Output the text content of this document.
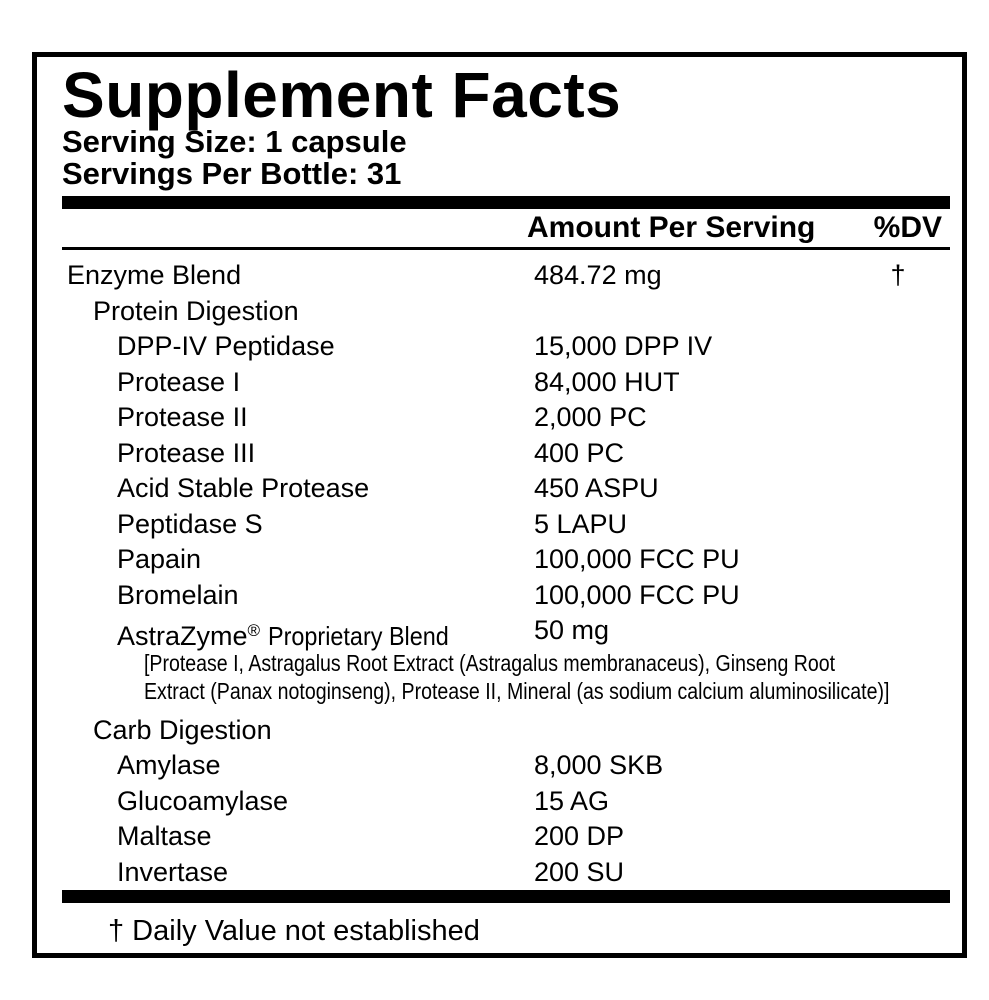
Supplement Facts
Serving Size: 1 capsule
Servings Per Bottle: 31
Amount Per Serving %DV
Enzyme Blend	484.72 mg	†
Protein Digestion
DPP-IV Peptidase	15,000 DPP IV
Protease I	84,000 HUT
Protease II	2,000 PC
Protease III	400 PC
Acid Stable Protease	450 ASPU
Peptidase S	5 LAPU
Papain	100,000 FCC PU
Bromelain	100,000 FCC PU
AstraZyme® Proprietary Blend	50 mg
[Protease I, Astragalus Root Extract (Astragalus membranaceus), Ginseng Root
Extract (Panax notoginseng), Protease II, Mineral (as sodium calcium aluminosilicate)]
Carb Digestion
Amylase	8,000 SKB
Glucoamylase	15 AG
Maltase	200 DP
Invertase	200 SU
† Daily Value not established
